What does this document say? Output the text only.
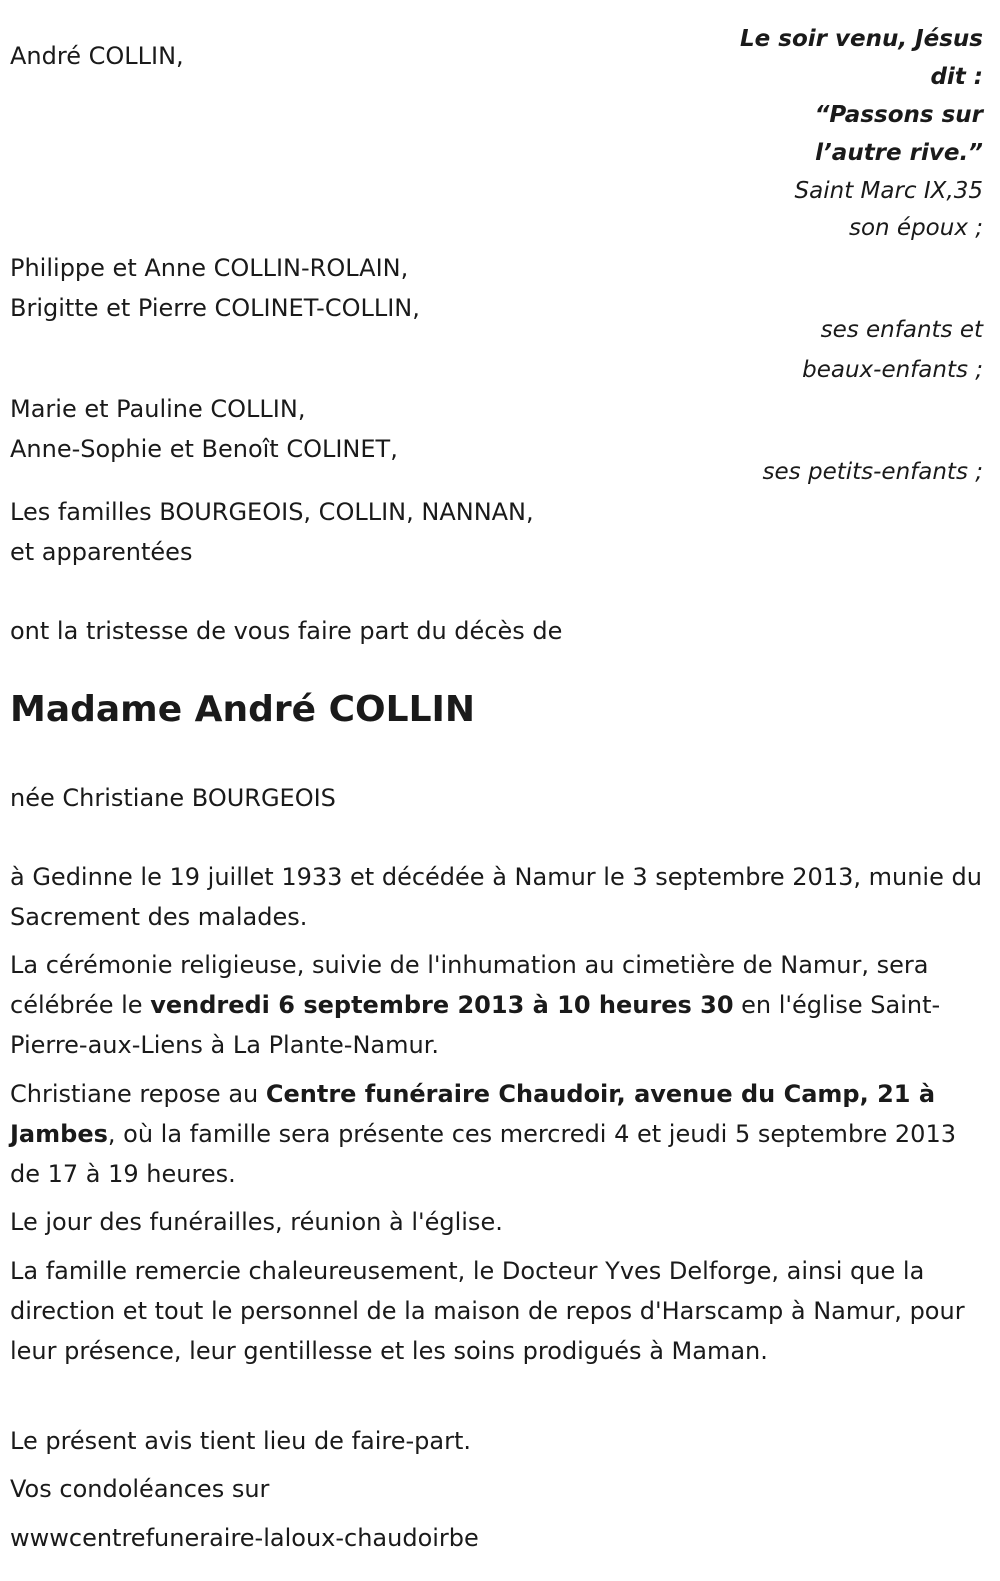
Le soir venu, Jésus
dit :
“Passons sur
l’autre rive.”
Saint Marc IX,35
André COLLIN,
son époux ;
Philippe et Anne COLLIN-ROLAIN,
Brigitte et Pierre COLINET-COLLIN,
ses enfants et
beaux-enfants ;
Marie et Pauline COLLIN,
Anne-Sophie et Benoît COLINET,
ses petits-enfants ;
Les familles BOURGEOIS, COLLIN, NANNAN,
et apparentées
ont la tristesse de vous faire part du décès de
Madame André COLLIN
née Christiane BOURGEOIS
à Gedinne le 19 juillet 1933 et décédée à Namur le 3 septembre 2013, munie du Sacrement des malades.
La cérémonie religieuse, suivie de l'inhumation au cimetière de Namur, sera célébrée le vendredi 6 septembre 2013 à 10 heures 30 en l'église Saint-Pierre-aux-Liens à La Plante-Namur.
Christiane repose au Centre funéraire Chaudoir, avenue du Camp, 21 à Jambes, où la famille sera présente ces mercredi 4 et jeudi 5 septembre 2013 de 17 à 19 heures.
Le jour des funérailles, réunion à l'église.
La famille remercie chaleureusement, le Docteur Yves Delforge, ainsi que la direction et tout le personnel de la maison de repos d'Harscamp à Namur, pour leur présence, leur gentillesse et les soins prodigués à Maman.
Le présent avis tient lieu de faire-part.
Vos condoléances sur
wwwcentrefuneraire-laloux-chaudoirbe
